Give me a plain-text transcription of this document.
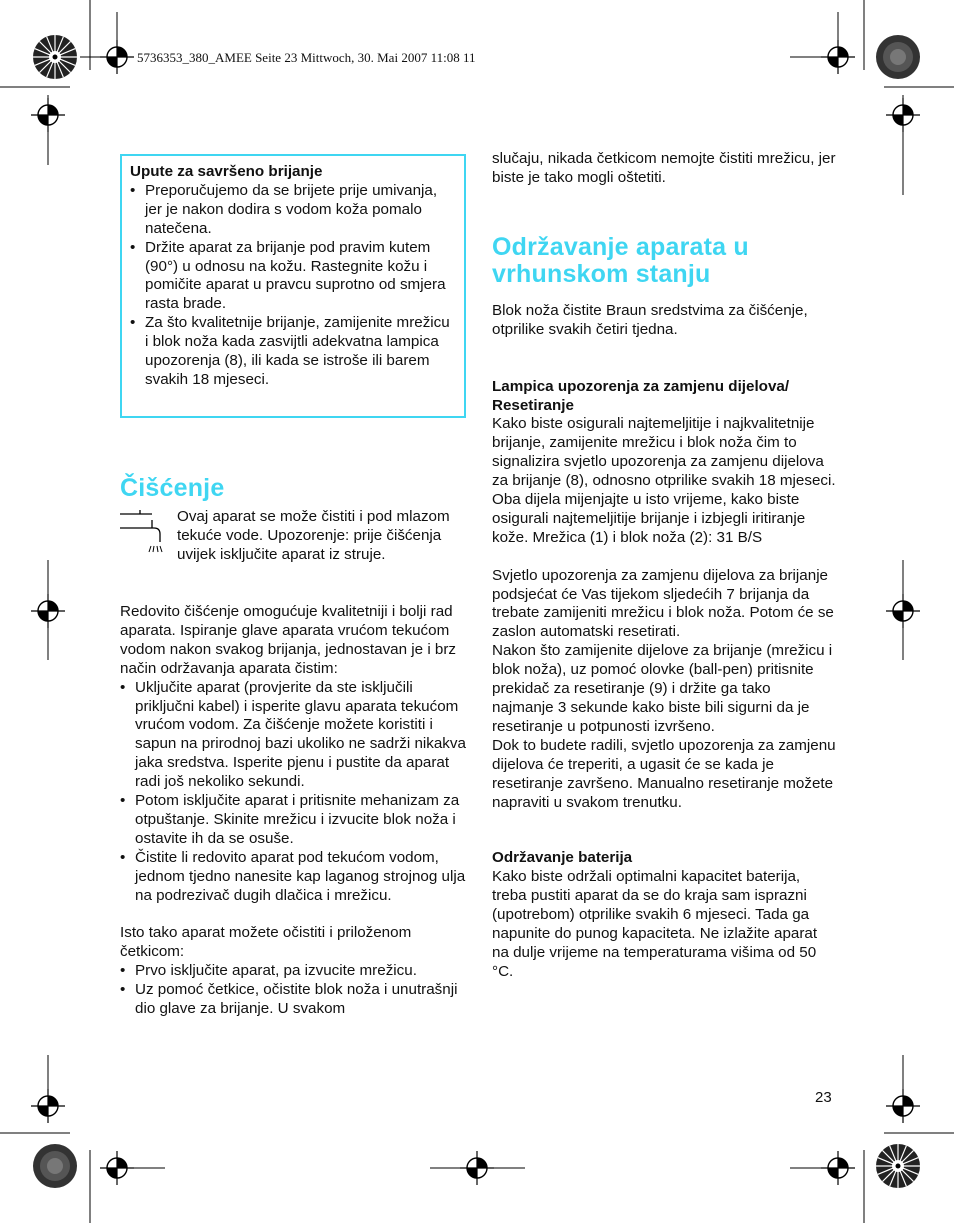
5736353_380_AMEE Seite 23 Mittwoch, 30. Mai 2007 11:08 11

Upute za savršeno brijanje

• Preporučujemo da se brijete prije umivanja, jer je nakon dodira s vodom koža pomalo natečena.
• Držite aparat za brijanje pod pravim kutem (90°) u odnosu na kožu. Rastegnite kožu i pomičite aparat u pravcu suprotno od smjera rasta brade.
• Za što kvalitetnije brijanje, zamijenite mrežicu i blok noža kada zasvijtli adekvatna lampica upozorenja (8), ili kada se istroše ili barem svakih 18 mjeseci.
Čišćenje

Ovaj aparat se može čistiti i pod mlazom tekuće vode. Upozorenje: prije čišćenja uvijek isključite aparat iz struje.

Redovito čišćenje omogućuje kvalitetniji i bolji rad aparata. Ispiranje glave aparata vrućom tekućom vodom nakon svakog brijanja, jednostavan je i brz način održavanja aparata čistim:

• Uključite aparat (provjerite da ste isključili priključni kabel) i isperite glavu aparata tekućom vrućom vodom. Za čišćenje možete koristiti i sapun na prirodnoj bazi ukoliko ne sadrži nikakva jaka sredstva. Isperite pjenu i pustite da aparat radi još nekoliko sekundi.
• Potom isključite aparat i pritisnite mehanizam za otpuštanje. Skinite mrežicu i izvucite blok noža i ostavite ih da se osuše.
• Čistite li redovito aparat pod tekućom vodom, jednom tjedno nanesite kap laganog strojnog ulja na podrezivač dugih dlačica i mrežicu.

Isto tako aparat možete očistiti i priloženom četkicom:

• Prvo isključite aparat, pa izvucite mrežicu.
• Uz pomoć četkice, očistite blok noža i unutrašnji dio glave za brijanje. U svakom

slučaju, nikada četkicom nemojte čistiti mrežicu, jer biste je tako mogli oštetiti.

Održavanje aparata u vrhunskom stanju

Blok noža čistite Braun sredstvima za čišćenje, otprilike svakih četiri tjedna.

Lampica upozorenja za zamjenu dijelova/ Resetiranje

Kako biste osigurali najtemeljitije i najkvalitetnije brijanje, zamijenite mrežicu i blok noža čim to signalizira svjetlo upozorenja za zamjenu dijelova za brijanje (8), odnosno otprilike svakih 18 mjeseci. Oba dijela mijenjajte u isto vrijeme, kako biste osigurali najtemeljitije brijanje i izbjegli iritiranje kože. Mrežica (1) i blok noža (2): 31 B/S

Svjetlo upozorenja za zamjenu dijelova za brijanje podsjećat će Vas tijekom sljedećih 7 brijanja da trebate zamijeniti mrežicu i blok noža. Potom će se zaslon automatski resetirati.

Nakon što zamijenite dijelove za brijanje (mrežicu i blok noža), uz pomoć olovke (ball-pen) pritisnite prekidač za resetiranje (9) i držite ga tako najmanje 3 sekunde kako biste bili sigurni da je resetiranje u potpunosti izvršeno.

Dok to budete radili, svjetlo upozorenja za zamjenu dijelova će treperiti, a ugasit će se kada je resetiranje završeno. Manualno resetiranje možete napraviti u svakom trenutku.

Održavanje baterija

Kako biste održali optimalni kapacitet baterija, treba pustiti aparat da se do kraja sam isprazni (upotrebom) otprilike svakih 6 mjeseci. Tada ga napunite do punog kapaciteta. Ne izlažite aparat na dulje vrijeme na temperaturama višima od 50 °C.

23
